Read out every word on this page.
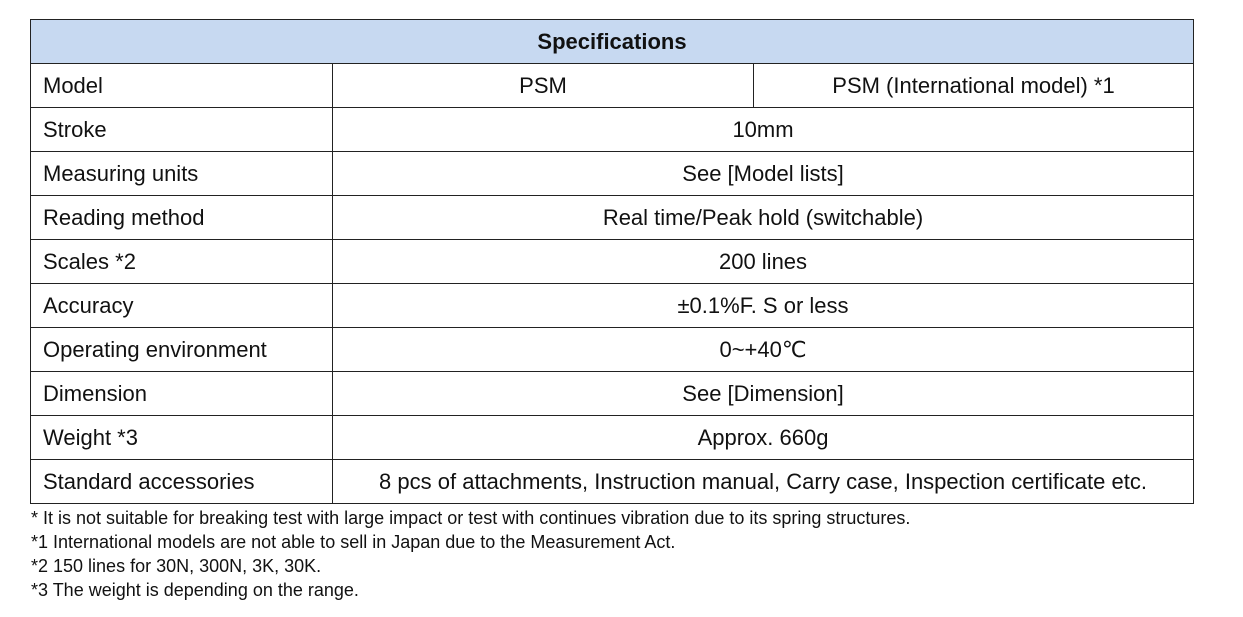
Specifications		
Model	PSM	PSM (International model) *1
Stroke	10mm	
Measuring units	See [Model lists]	
Reading method	Real time/Peak hold (switchable)	
Scales *2	200 lines	
Accuracy	±0.1%F. S or less	
Operating environment	0~+40℃	
Dimension	See [Dimension]	
Weight *3	Approx. 660g	
Standard accessories	8 pcs of attachments, Instruction manual, Carry case, Inspection certificate etc.	
* It is not suitable for breaking test with large impact or test with continues vibration due to its spring structures.
*1 International models are not able to sell in Japan due to the Measurement Act.
*2 150 lines for 30N, 300N, 3K, 30K.
*3 The weight is depending on the range.
